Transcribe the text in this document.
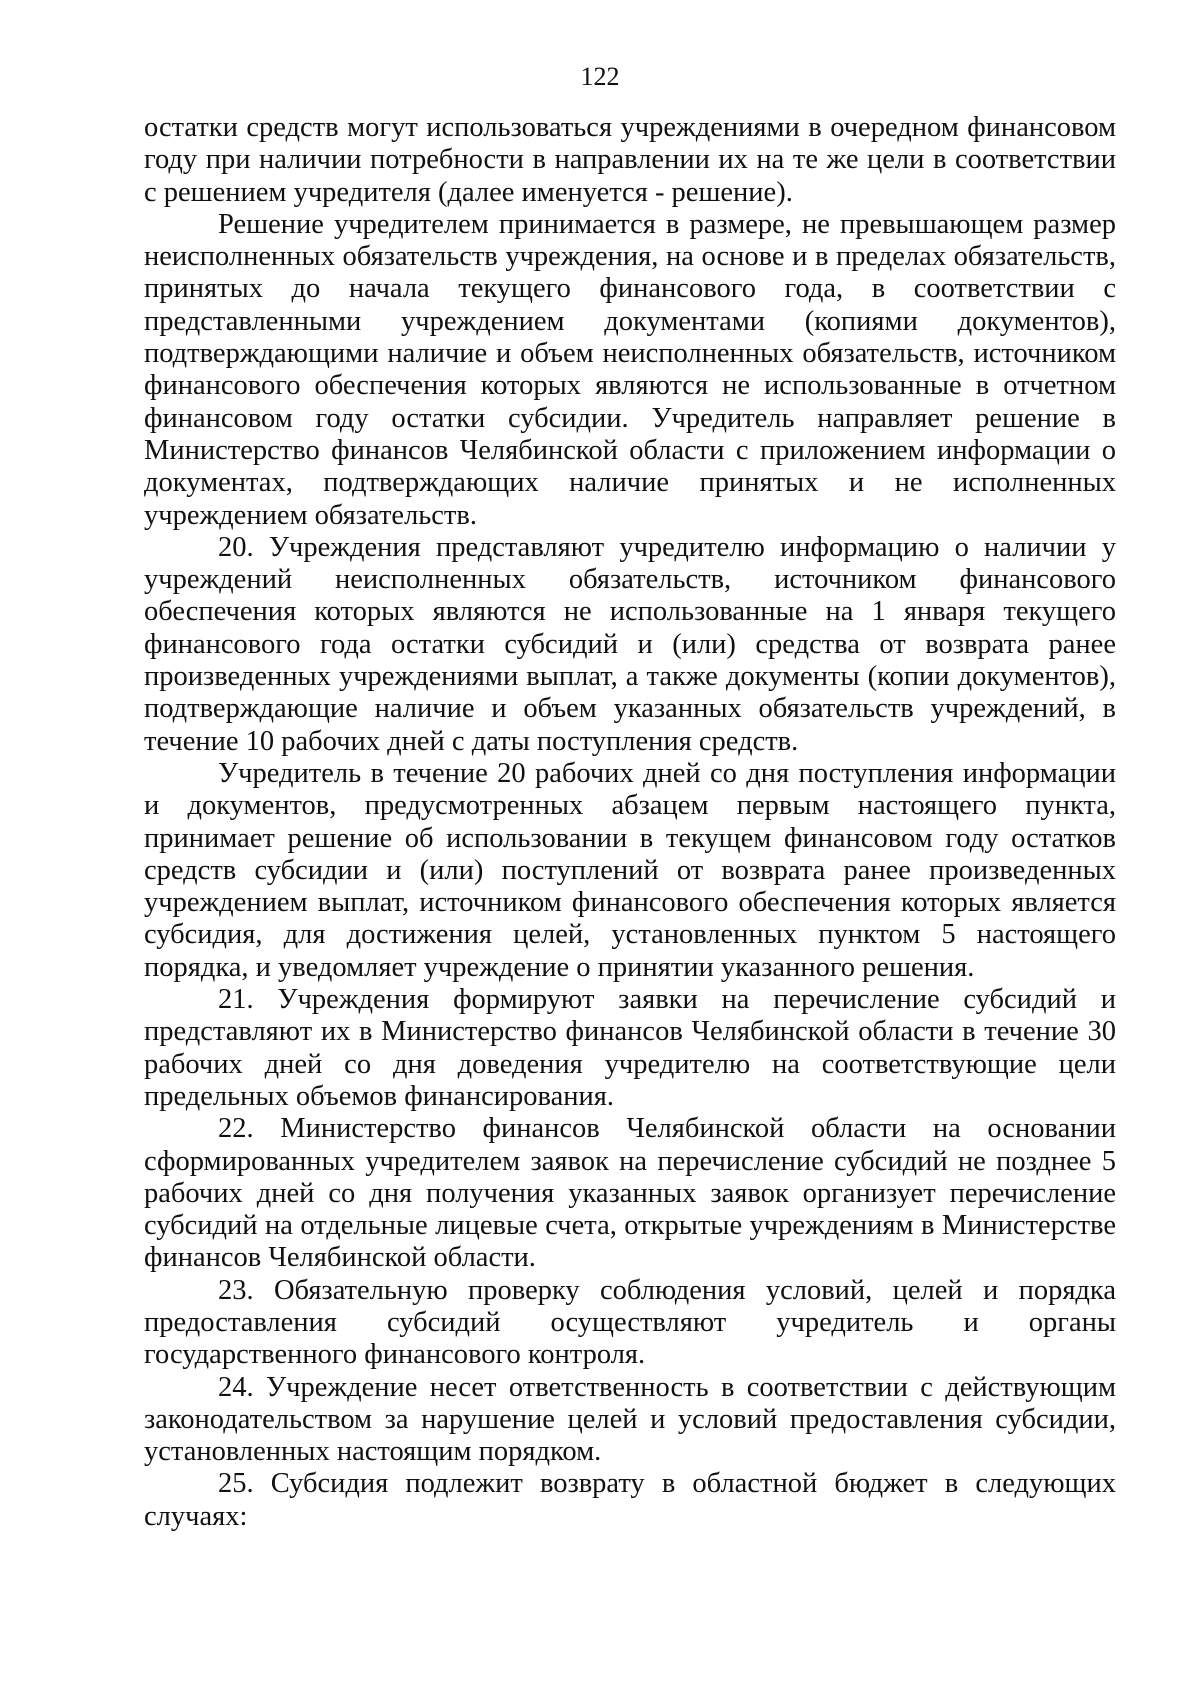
122

остатки средств могут использоваться учреждениями в очередном финансовом году при наличии потребности в направлении их на те же цели в соответствии с решением учредителя (далее именуется - решение).

Решение учредителем принимается в размере, не превышающем размер неисполненных обязательств учреждения, на основе и в пределах обязательств, принятых до начала текущего финансового года, в соответствии с представленными учреждением документами (копиями документов), подтверждающими наличие и объем неисполненных обязательств, источником финансового обеспечения которых являются не использованные в отчетном финансовом году остатки субсидии. Учредитель направляет решение в Министерство финансов Челябинской области с приложением информации о документах, подтверждающих наличие принятых и не исполненных учреждением обязательств.

20. Учреждения представляют учредителю информацию о наличии у учреждений неисполненных обязательств, источником финансового обеспечения которых являются не использованные на 1 января текущего финансового года остатки субсидий и (или) средства от возврата ранее произведенных учреждениями выплат, а также документы (копии документов), подтверждающие наличие и объем указанных обязательств учреждений, в течение 10 рабочих дней с даты поступления средств.

Учредитель в течение 20 рабочих дней со дня поступления информации и документов, предусмотренных абзацем первым настоящего пункта, принимает решение об использовании в текущем финансовом году остатков средств субсидии и (или) поступлений от возврата ранее произведенных учреждением выплат, источником финансового обеспечения которых является субсидия, для достижения целей, установленных пунктом 5 настоящего порядка, и уведомляет учреждение о принятии указанного решения.

21. Учреждения формируют заявки на перечисление субсидий и представляют их в Министерство финансов Челябинской области в течение 30 рабочих дней со дня доведения учредителю на соответствующие цели предельных объемов финансирования.

22. Министерство финансов Челябинской области на основании сформированных учредителем заявок на перечисление субсидий не позднее 5 рабочих дней со дня получения указанных заявок организует перечисление субсидий на отдельные лицевые счета, открытые учреждениям в Министерстве финансов Челябинской области.

23. Обязательную проверку соблюдения условий, целей и порядка предоставления субсидий осуществляют учредитель и органы государственного финансового контроля.

24. Учреждение несет ответственность в соответствии с действующим законодательством за нарушение целей и условий предоставления субсидии, установленных настоящим порядком.

25. Субсидия подлежит возврату в областной бюджет в следующих случаях:
